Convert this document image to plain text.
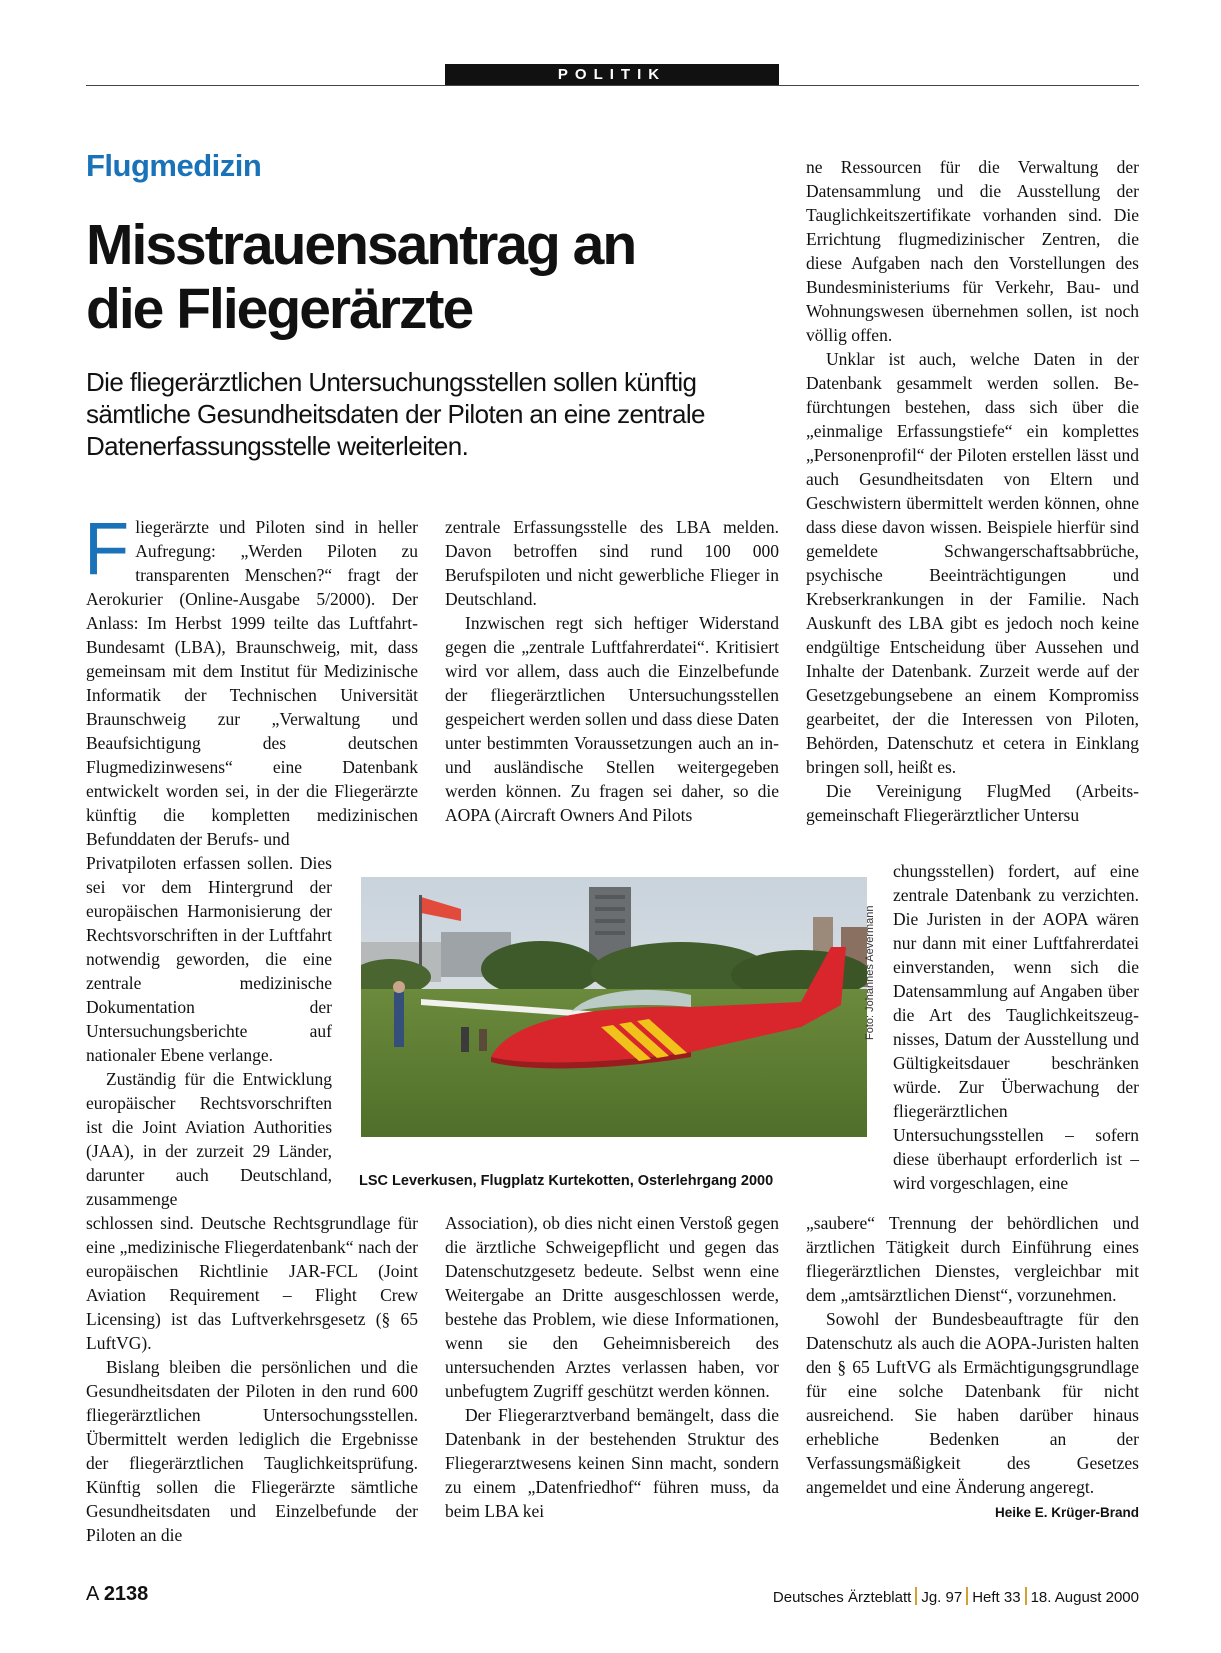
POLITIK
Flugmedizin
Misstrauensantrag an
die Fliegerärzte

Die fliegerärztlichen Untersuchungsstellen sollen künftig sämtliche Gesundheitsdaten der Piloten an eine zentrale Datenerfassungsstelle weiterleiten.

Fliegerärzte und Piloten sind in heller Aufregung: „Werden Piloten zu transparenten Menschen?“ fragt der Aerokurier (Online-Ausgabe 5/2000). Der Anlass: Im Herbst 1999 teilte das Luftfahrt-Bundesamt (LBA), Braunschweig, mit, dass gemeinsam mit dem Institut für Medizinische Informatik der Technischen Universität Braunschweig zur „Verwaltung und Beaufsichtigung des deutschen Flugmedizinwesens“ eine Datenbank entwickelt worden sei, in der die Fliegerärzte künftig die kompletten medizinischen Befunddaten der Berufs- und

Privatpiloten erfassen sollen. Dies sei vor dem Hintergrund der europäischen Harmonisierung der Rechtsvorschriften in der Luftfahrt notwendig geworden, die eine zentrale medizinische Dokumentation der Untersuchungsberichte auf nationaler Ebene verlange.

Zuständig für die Entwicklung europäischer Rechtsvorschriften ist die Joint Aviation Authorities (JAA), in der zurzeit 29 Länder, darunter auch Deutschland, zusammenge

schlossen sind. Deutsche Rechtsgrundlage für eine „medizinische Fliegerdatenbank“ nach der europäischen Richtlinie JAR-FCL (Joint Aviation Requirement – Flight Crew Licensing) ist das Luftverkehrsgesetz (§ 65 LuftVG).

Bislang bleiben die persönlichen und die Gesundheitsdaten der Piloten in den rund 600 fliegerärztlichen Untersochungsstellen. Übermittelt werden lediglich die Ergebnisse der fliegerärztlichen Tauglichkeitsprüfung. Künftig sollen die Fliegerärzte sämtliche Gesundheitsdaten und Einzelbefunde der Piloten an die

zentrale Erfassungsstelle des LBA melden. Davon betroffen sind rund 100 000 Berufspiloten und nicht gewerbliche Flieger in Deutschland.

Inzwischen regt sich heftiger Widerstand gegen die „zentrale Luftfahrerdatei“. Kritisiert wird vor allem, dass auch die Einzelbefunde der fliegerärztlichen Untersuchungsstellen gespeichert werden sollen und dass diese Daten unter bestimmten Voraussetzungen auch an in- und ausländische Stellen weitergegeben werden können. Zu fragen sei daher, so die AOPA (Aircraft Owners And Pilots

Association), ob dies nicht einen Verstoß gegen die ärztliche Schweigepflicht und gegen das Datenschutzgesetz bedeute. Selbst wenn eine Weitergabe an Dritte ausgeschlossen werde, bestehe das Problem, wie diese Informationen, wenn sie den Geheimnisbereich des untersuchenden Arztes verlassen haben, vor unbefugtem Zugriff geschützt werden können.

Der Fliegerarztverband bemängelt, dass die Datenbank in der bestehenden Struktur des Fliegerarztwesens keinen Sinn macht, sondern zu einem „Datenfriedhof“ führen muss, da beim LBA kei

ne Ressourcen für die Verwaltung der Datensammlung und die Ausstellung der Tauglichkeitszertifikate vorhanden sind. Die Errichtung flugmedizinischer Zentren, die diese Aufgaben nach den Vorstellungen des Bundesministeriums für Verkehr, Bau- und Wohnungswesen übernehmen sollen, ist noch völlig offen.

Unklar ist auch, welche Daten in der Datenbank gesammelt werden sollen. Befürchtungen bestehen, dass sich über die „einmalige Erfassungstiefe“ ein komplettes „Personenprofil“ der Piloten erstellen lässt und auch Gesundheitsdaten von Eltern und Geschwistern übermittelt werden können, ohne dass diese davon wissen. Beispiele hierfür sind gemeldete Schwangerschaftsabbrüche, psychische Beeinträchtigungen und Krebserkrankungen in der Familie. Nach Auskunft des LBA gibt es jedoch noch keine endgültige Entscheidung über Aussehen und Inhalte der Datenbank. Zurzeit werde auf der Gesetzgebungsebene an einem Kompromiss gearbeitet, der die Interessen von Piloten, Behörden, Datenschutz et cetera in Einklang bringen soll, heißt es.

Die Vereinigung FlugMed (Arbeitsgemeinschaft Fliegerärztlicher Untersu

chungsstellen) fordert, auf eine zentrale Datenbank zu verzichten. Die Juristen in der AOPA wären nur dann mit einer Luftfahrerdatei einverstanden, wenn sich die Datensammlung auf Angaben über die Art des Tauglichkeitszeugnisses, Datum der Ausstellung und Gültigkeitsdauer beschränken würde. Zur Überwachung der fliegerärztlichen Untersuchungsstellen – sofern diese überhaupt erforderlich ist – wird vorgeschlagen, eine

„saubere“ Trennung der behördlichen und ärztlichen Tätigkeit durch Einführung eines fliegerärztlichen Dienstes, vergleichbar mit dem „amtsärztlichen Dienst“, vorzunehmen.

Sowohl der Bundesbeauftragte für den Datenschutz als auch die AOPA-Juristen halten den § 65 LuftVG als Ermächtigungsgrundlage für eine solche Datenbank für nicht ausreichend. Sie haben darüber hinaus erhebliche Bedenken an der Verfassungsmäßigkeit des Gesetzes angemeldet und eine Änderung angeregt.
Heike E. Krüger-Brand

Foto: Johannes Aevermann
LSC Leverkusen, Flugplatz Kurtekotten, Osterlehrgang 2000
A 2138	Deutsches Ärzteblatt Jg. 97 Heft 33 18. August 2000
